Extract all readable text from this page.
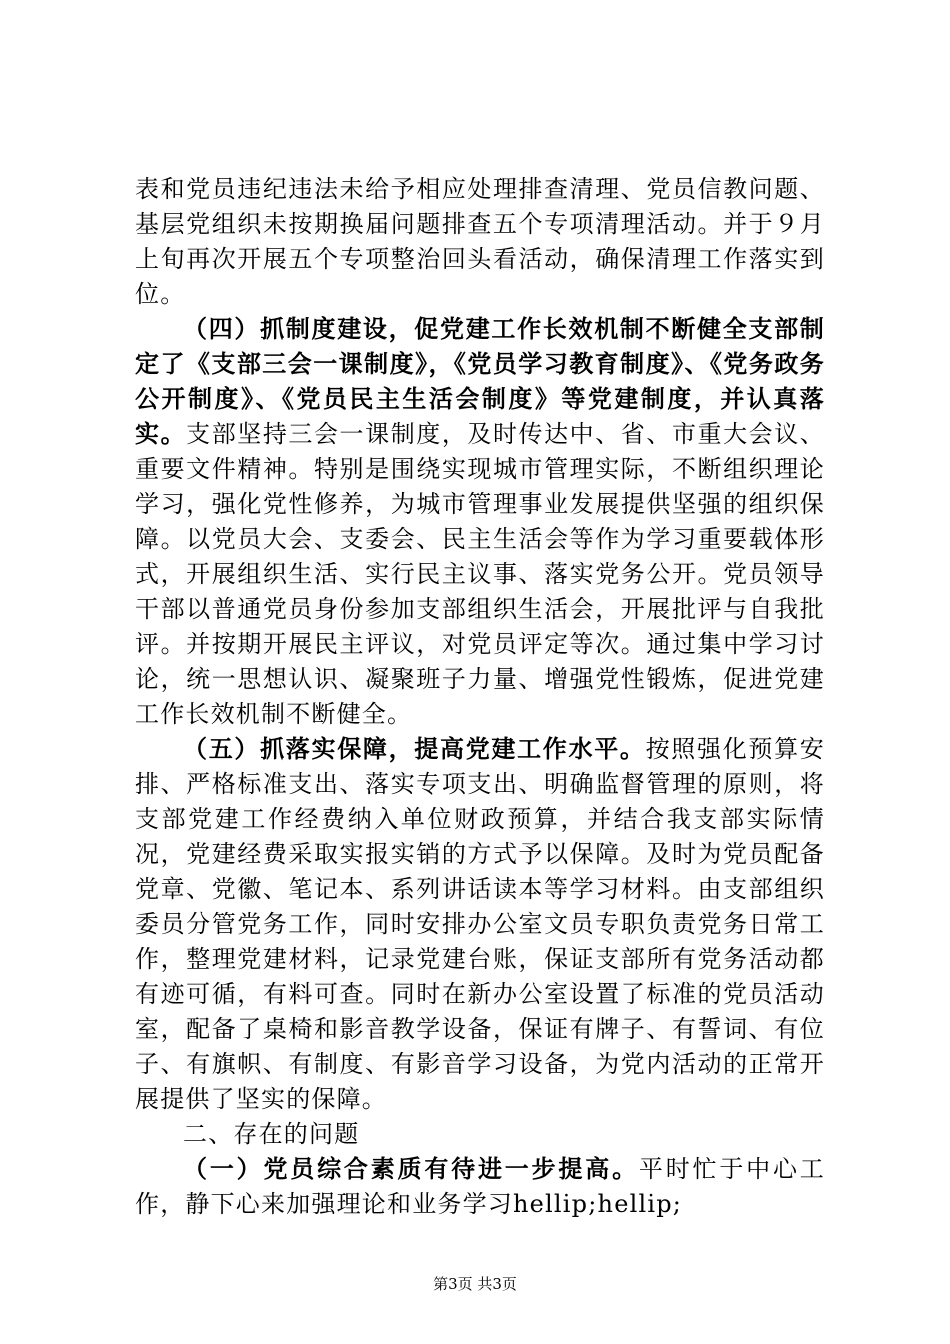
表和党员违纪违法未给予相应处理排查清理、党员信教问题、基层党组织未按期换届问题排查五个专项清理活动。并于９月上旬再次开展五个专项整治回头看活动，确保清理工作落实到位。

（四）抓制度建设，促党建工作长效机制不断健全支部制定了《支部三会一课制度》，《党员学习教育制度》、《党务政务公开制度》、《党员民主生活会制度》等党建制度，并认真落实。支部坚持三会一课制度，及时传达中、省、市重大会议、重要文件精神。特别是围绕实现城市管理实际，不断组织理论学习，强化党性修养，为城市管理事业发展提供坚强的组织保障。以党员大会、支委会、民主生活会等作为学习重要载体形式，开展组织生活、实行民主议事、落实党务公开。党员领导干部以普通党员身份参加支部组织生活会，开展批评与自我批评。并按期开展民主评议，对党员评定等次。通过集中学习讨论，统一思想认识、凝聚班子力量、增强党性锻炼，促进党建工作长效机制不断健全。

（五）抓落实保障，提高党建工作水平。按照强化预算安排、严格标准支出、落实专项支出、明确监督管理的原则，将支部党建工作经费纳入单位财政预算，并结合我支部实际情况，党建经费采取实报实销的方式予以保障。及时为党员配备党章、党徽、笔记本、系列讲话读本等学习材料。由支部组织委员分管党务工作，同时安排办公室文员专职负责党务日常工作，整理党建材料，记录党建台账，保证支部所有党务活动都有迹可循，有料可查。同时在新办公室设置了标准的党员活动室，配备了桌椅和影音教学设备，保证有牌子、有誓词、有位子、有旗帜、有制度、有影音学习设备，为党内活动的正常开展提供了坚实的保障。

二、存在的问题

（一）党员综合素质有待进一步提高。平时忙于中心工作，静下心来加强理论和业务学习hellip;hellip;

第3页 共3页
